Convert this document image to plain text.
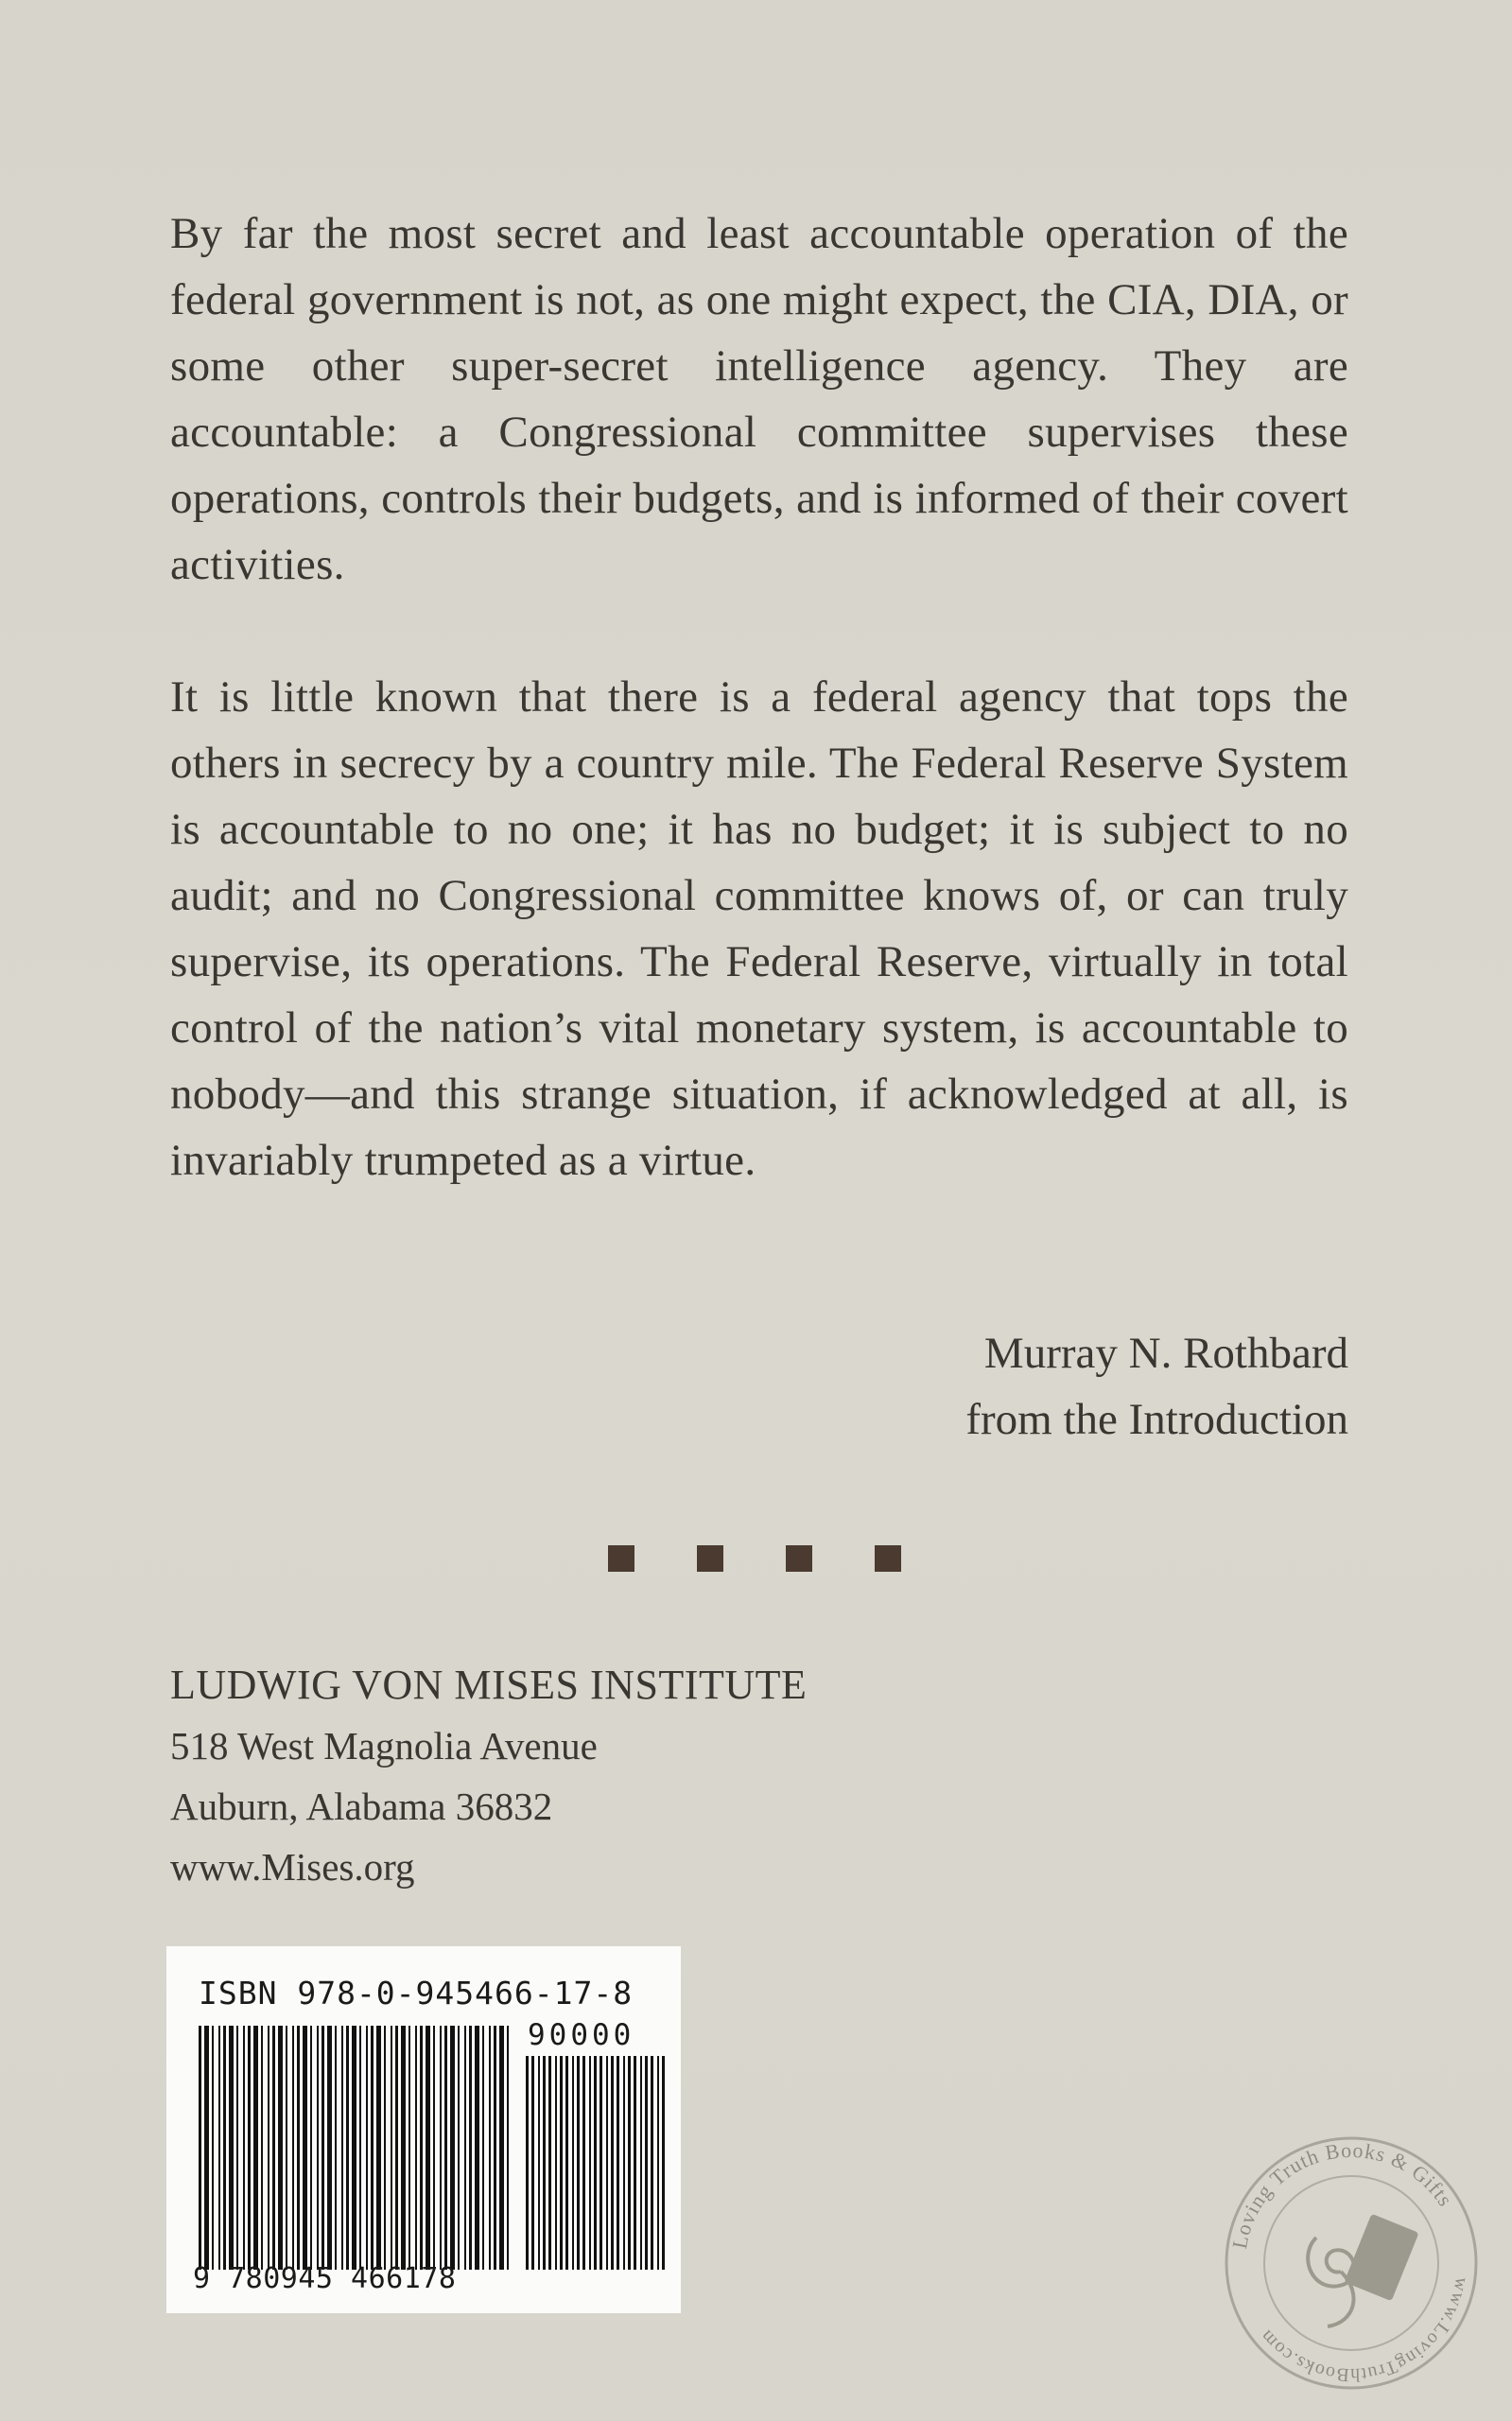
By far the most secret and least accountable operation of the federal government is not, as one might expect, the CIA, DIA, or some other super-secret intelligence agency. They are accountable: a Congressional committee supervises these operations, controls their budgets, and is informed of their covert activities.

It is little known that there is a federal agency that tops the others in secrecy by a country mile. The Federal Reserve System is accountable to no one; it has no budget; it is subject to no audit; and no Congressional committee knows of, or can truly supervise, its operations. The Federal Reserve, virtually in total control of the nation’s vital monetary system, is accountable to nobody—and this strange situation, if acknowledged at all, is invariably trumpeted as a virtue.

Murray N. Rothbard
from the Introduction
LUDWIG VON MISES INSTITUTE
518 West Magnolia Avenue
Auburn, Alabama 36832
www.Mises.org
ISBN 978-0-945466-17-8
90000
9 780945 466178
Loving Truth Books & Gifts
www.LovingTruthBooks.com
